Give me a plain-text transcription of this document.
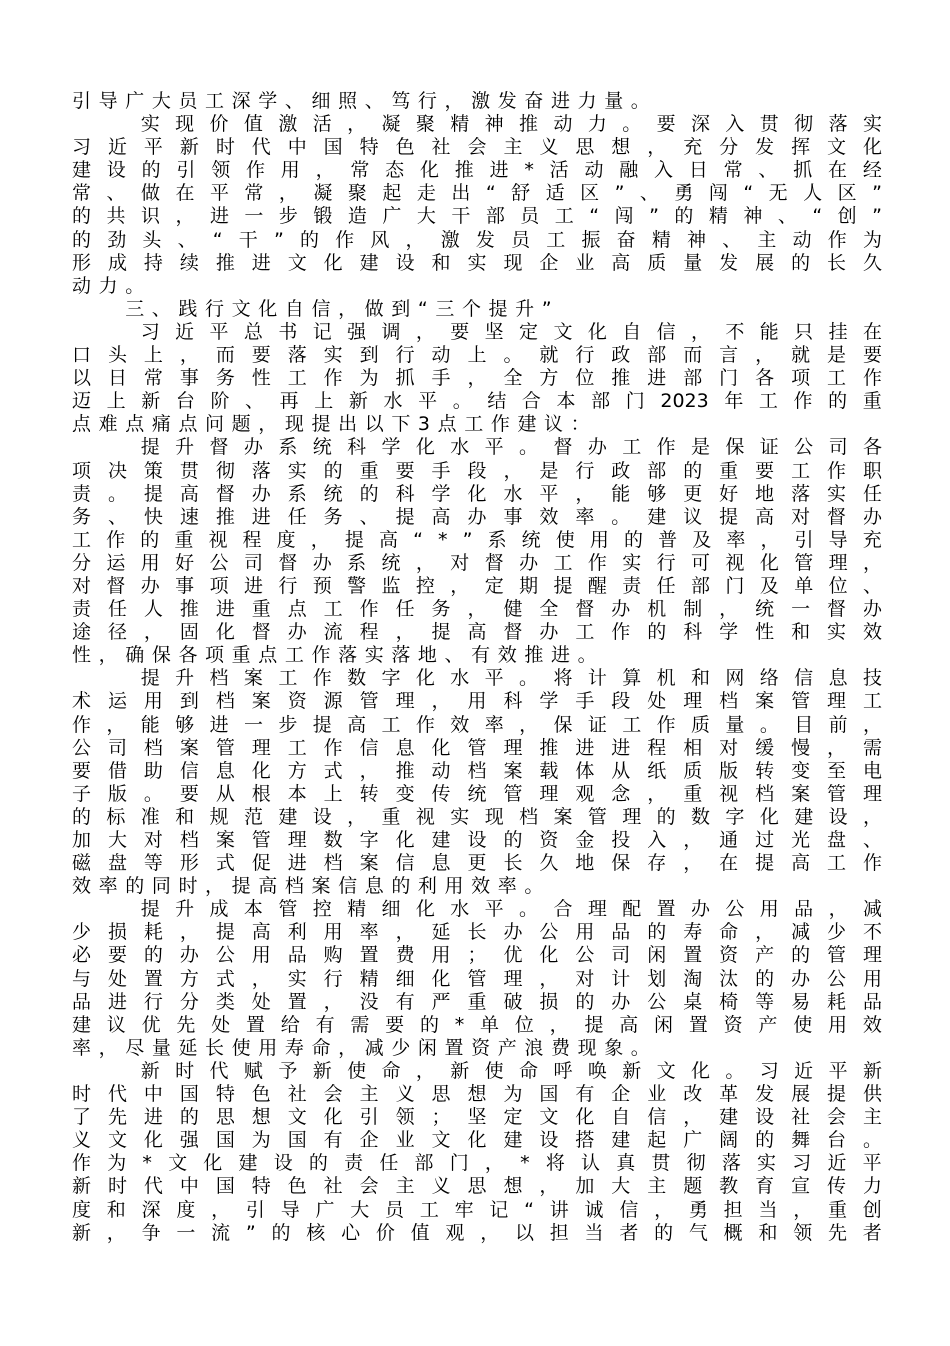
引 导 广 大 员 工 深 学 、 细 照 、 笃 行 ， 激 发 奋 进 力 量 。

实 现 价 值 激 活 ， 凝 聚 精 神 推 动 力 。 要 深 入 贯 彻 落 实
习 近 平 新 时 代 中 国 特 色 社 会 主 义 思 想 ， 充 分 发 挥 文 化
建 设 的 引 领 作 用 ， 常 态 化 推 进 * 活 动 融 入 日 常 、 抓 在 经
常 、 做 在 平 常 ， 凝 聚 起 走 出 “ 舒 适 区 ” 、 勇 闯 “ 无 人 区 ”
的 共 识 ， 进 一 步 锻 造 广 大 干 部 员 工 “ 闯 ” 的 精 神 、 “ 创 ”
的 劲 头 、 “ 干 ” 的 作 风 ， 激 发 员 工 振 奋 精 神 、 主 动 作 为
形 成 持 续 推 进 文 化 建 设 和 实 现 企 业 高 质 量 发 展 的 长 久
动 力 。

三 、 践 行 文 化 自 信 ， 做 到 “ 三 个 提 升 ”

习 近 平 总 书 记 强 调 ， 要 坚 定 文 化 自 信 ， 不 能 只 挂 在
口 头 上 ， 而 要 落 实 到 行 动 上 。 就 行 政 部 而 言 ， 就 是 要
以 日 常 事 务 性 工 作 为 抓 手 ， 全 方 位 推 进 部 门 各 项 工 作
迈 上 新 台 阶 、 再 上 新 水 平 。 结 合 本 部 门 2023 年 工 作 的 重
点 难 点 痛 点 问 题 ， 现 提 出 以 下 3 点 工 作 建 议 ：

提 升 督 办 系 统 科 学 化 水 平 。 督 办 工 作 是 保 证 公 司 各
项 决 策 贯 彻 落 实 的 重 要 手 段 ， 是 行 政 部 的 重 要 工 作 职
责 。 提 高 督 办 系 统 的 科 学 化 水 平 ， 能 够 更 好 地 落 实 任
务 、 快 速 推 进 任 务 、 提 高 办 事 效 率 。 建 议 提 高 对 督 办
工 作 的 重 视 程 度 ， 提 高 “ * ” 系 统 使 用 的 普 及 率 ， 引 导 充
分 运 用 好 公 司 督 办 系 统 ， 对 督 办 工 作 实 行 可 视 化 管 理 ，
对 督 办 事 项 进 行 预 警 监 控 ， 定 期 提 醒 责 任 部 门 及 单 位 、
责 任 人 推 进 重 点 工 作 任 务 ， 健 全 督 办 机 制 ， 统 一 督 办
途 径 ， 固 化 督 办 流 程 ， 提 高 督 办 工 作 的 科 学 性 和 实 效
性 ， 确 保 各 项 重 点 工 作 落 实 落 地 、 有 效 推 进 。

提 升 档 案 工 作 数 字 化 水 平 。 将 计 算 机 和 网 络 信 息 技
术 运 用 到 档 案 资 源 管 理 ， 用 科 学 手 段 处 理 档 案 管 理 工
作 ， 能 够 进 一 步 提 高 工 作 效 率 ， 保 证 工 作 质 量 。 目 前 ，
公 司 档 案 管 理 工 作 信 息 化 管 理 推 进 进 程 相 对 缓 慢 ， 需
要 借 助 信 息 化 方 式 ， 推 动 档 案 载 体 从 纸 质 版 转 变 至 电
子 版 。 要 从 根 本 上 转 变 传 统 管 理 观 念 ， 重 视 档 案 管 理
的 标 准 和 规 范 建 设 ， 重 视 实 现 档 案 管 理 的 数 字 化 建 设 ，
加 大 对 档 案 管 理 数 字 化 建 设 的 资 金 投 入 ， 通 过 光 盘 、
磁 盘 等 形 式 促 进 档 案 信 息 更 长 久 地 保 存 ， 在 提 高 工 作
效 率 的 同 时 ， 提 高 档 案 信 息 的 利 用 效 率 。

提 升 成 本 管 控 精 细 化 水 平 。 合 理 配 置 办 公 用 品 ， 减
少 损 耗 ， 提 高 利 用 率 ， 延 长 办 公 用 品 的 寿 命 ， 减 少 不
必 要 的 办 公 用 品 购 置 费 用 ； 优 化 公 司 闲 置 资 产 的 管 理
与 处 置 方 式 ， 实 行 精 细 化 管 理 ， 对 计 划 淘 汰 的 办 公 用
品 进 行 分 类 处 置 ， 没 有 严 重 破 损 的 办 公 桌 椅 等 易 耗 品
建 议 优 先 处 置 给 有 需 要 的 * 单 位 ， 提 高 闲 置 资 产 使 用 效
率 ， 尽 量 延 长 使 用 寿 命 ， 减 少 闲 置 资 产 浪 费 现 象 。

新 时 代 赋 予 新 使 命 ， 新 使 命 呼 唤 新 文 化 。 习 近 平 新
时 代 中 国 特 色 社 会 主 义 思 想 为 国 有 企 业 改 革 发 展 提 供
了 先 进 的 思 想 文 化 引 领 ； 坚 定 文 化 自 信 ， 建 设 社 会 主
义 文 化 强 国 为 国 有 企 业 文 化 建 设 搭 建 起 广 阔 的 舞 台 。
作 为 * 文 化 建 设 的 责 任 部 门 ， * 将 认 真 贯 彻 落 实 习 近 平
新 时 代 中 国 特 色 社 会 主 义 思 想 ， 加 大 主 题 教 育 宣 传 力
度 和 深 度 ， 引 导 广 大 员 工 牢 记 “ 讲 诚 信 ， 勇 担 当 ， 重 创
新 ， 争 一 流 ” 的 核 心 价 值 观 ， 以 担 当 者 的 气 概 和 领 先 者
